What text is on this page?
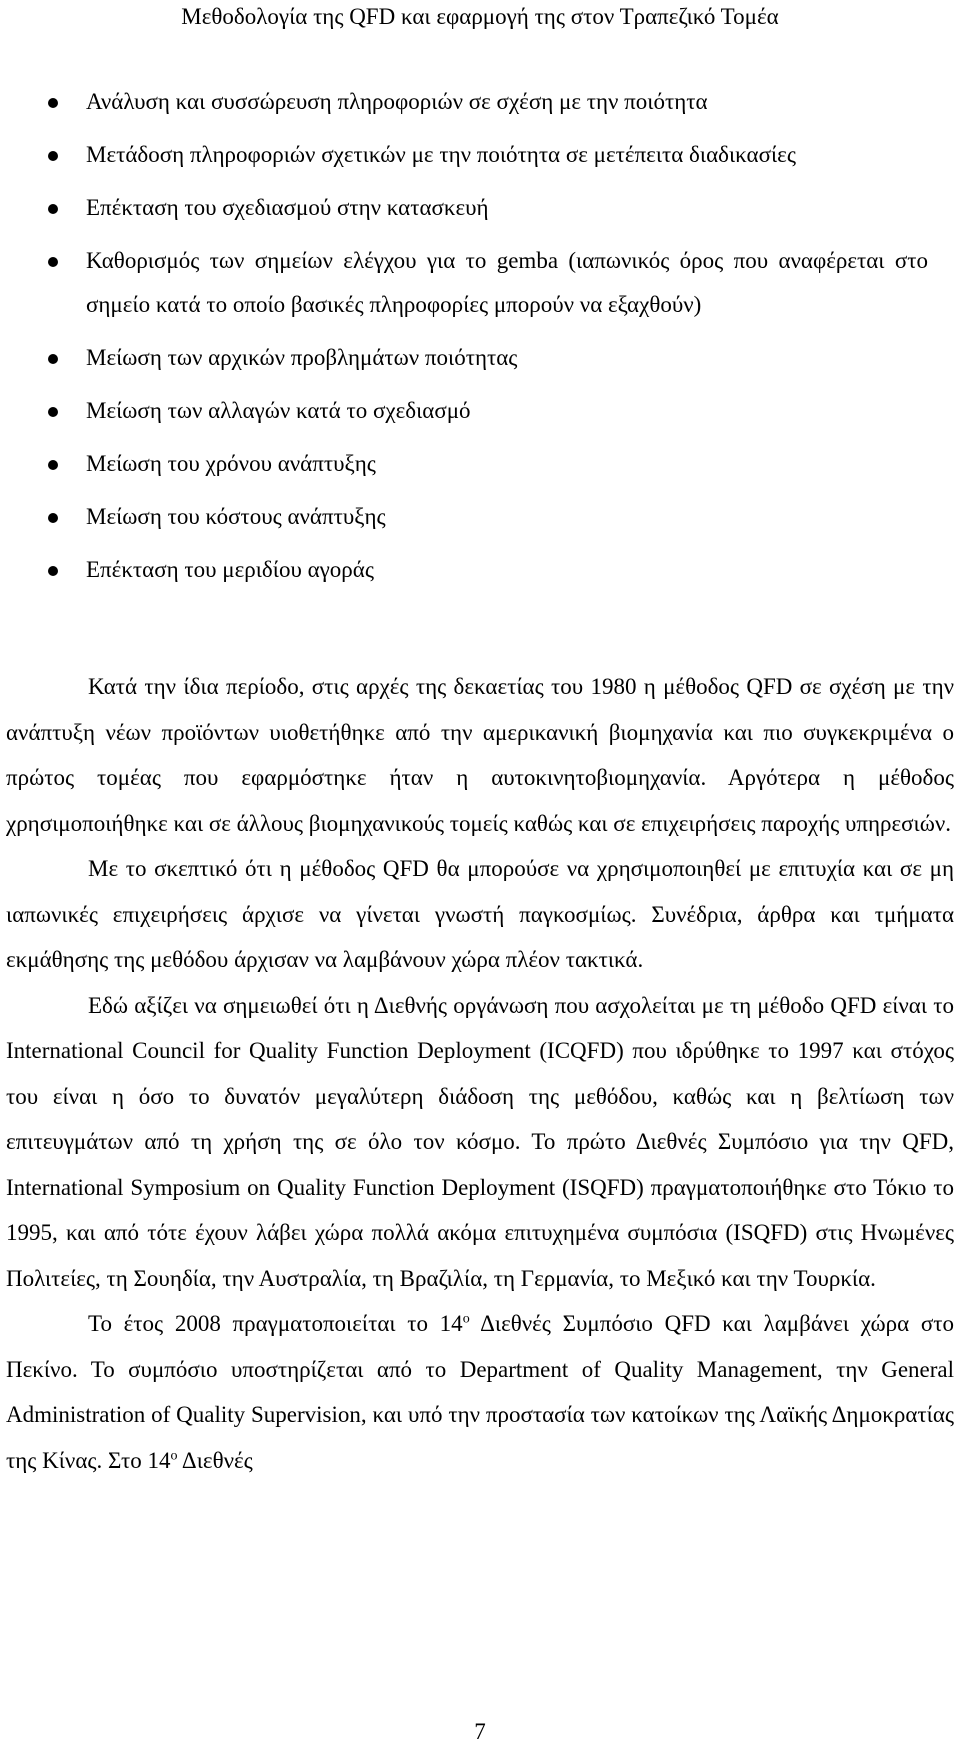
Μεθοδολογία της QFD και εφαρμογή της στον Τραπεζικό Τομέα
Ανάλυση και συσσώρευση πληροφοριών σε σχέση με την ποιότητα
Μετάδοση πληροφοριών σχετικών με την ποιότητα σε μετέπειτα διαδικασίες
Επέκταση του σχεδιασμού στην κατασκευή
Καθορισμός των σημείων ελέγχου για το gemba (ιαπωνικός όρος που αναφέρεται στο σημείο κατά το οποίο βασικές πληροφορίες μπορούν να εξαχθούν)
Μείωση των αρχικών προβλημάτων ποιότητας
Μείωση των αλλαγών κατά το σχεδιασμό
Μείωση του χρόνου ανάπτυξης
Μείωση του κόστους ανάπτυξης
Επέκταση του μεριδίου αγοράς

Κατά την ίδια περίοδο, στις αρχές της δεκαετίας του 1980 η μέθοδος QFD σε σχέση με την ανάπτυξη νέων προϊόντων υιοθετήθηκε από την αμερικανική βιομηχανία και πιο συγκεκριμένα ο πρώτος τομέας που εφαρμόστηκε ήταν η αυτοκινητοβιομηχανία. Αργότερα η μέθοδος χρησιμοποιήθηκε και σε άλλους βιομηχανικούς τομείς καθώς και σε επιχειρήσεις παροχής υπηρεσιών.

Με το σκεπτικό ότι η μέθοδος QFD θα μπορούσε να χρησιμοποιηθεί με επιτυχία και σε μη ιαπωνικές επιχειρήσεις άρχισε να γίνεται γνωστή παγκοσμίως. Συνέδρια, άρθρα και τμήματα εκμάθησης της μεθόδου άρχισαν να λαμβάνουν χώρα πλέον τακτικά.

Εδώ αξίζει να σημειωθεί ότι η Διεθνής οργάνωση που ασχολείται με τη μέθοδο QFD είναι το International Council for Quality Function Deployment (ICQFD) που ιδρύθηκε το 1997 και στόχος του είναι η όσο το δυνατόν μεγαλύτερη διάδοση της μεθόδου, καθώς και η βελτίωση των επιτευγμάτων από τη χρήση της σε όλο τον κόσμο. Το πρώτο Διεθνές Συμπόσιο για την QFD, International Symposium on Quality Function Deployment (ISQFD) πραγματοποιήθηκε στο Τόκιο το 1995, και από τότε έχουν λάβει χώρα πολλά ακόμα επιτυχημένα συμπόσια (ISQFD) στις Ηνωμένες Πολιτείες, τη Σουηδία, την Αυστραλία, τη Βραζιλία, τη Γερμανία, το Μεξικό και την Τουρκία.

Το έτος 2008 πραγματοποιείται το $14^o$ Διεθνές Συμπόσιο QFD και λαμβάνει χώρα στο Πεκίνο. Το συμπόσιο υποστηρίζεται από το Department of Quality Management, την General Administration of Quality Supervision, και υπό την προστασία των κατοίκων της Λαϊκής Δημοκρατίας της Κίνας. Στο $14^o$ Διεθνές

7
